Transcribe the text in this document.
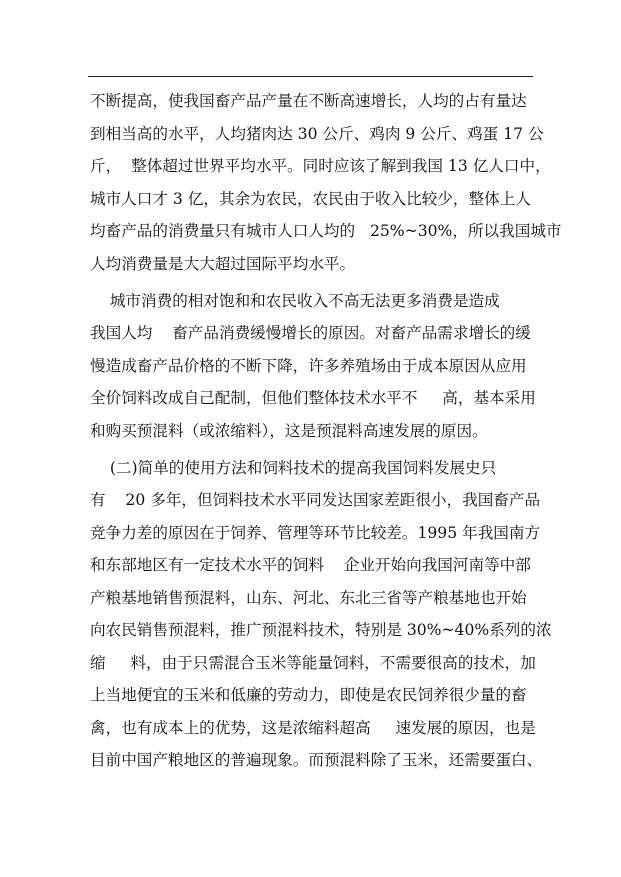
不断提高，使我国畜产品产量在不断高速增长，人均的占有量达
到相当高的水平，人均猪肉达 30 公斤、鸡肉 9 公斤、鸡蛋 17 公
斤，  整体超过世界平均水平。同时应该了解到我国 13 亿人口中，
城市人口才 3 亿，其余为农民，农民由于收入比较少，整体上人
均畜产品的消费量只有城市人口人均的   25%~30%，所以我国城市
人均消费量是大大超过国际平均水平。
城市消费的相对饱和和农民收入不高无法更多消费是造成
我国人均    畜产品消费缓慢增长的原因。对畜产品需求增长的缓
慢造成畜产品价格的不断下降，许多养殖场由于成本原因从应用
全价饲料改成自己配制，但他们整体技术水平不     高，基本采用
和购买预混料（或浓缩料），这是预混料高速发展的原因。
(二)简单的使用方法和饲料技术的提高我国饲料发展史只
有    20 多年，但饲料技术水平同发达国家差距很小，我国畜产品
竞争力差的原因在于饲养、管理等环节比较差。1995 年我国南方
和东部地区有一定技术水平的饲料    企业开始向我国河南等中部
产粮基地销售预混料，山东、河北、东北三省等产粮基地也开始
向农民销售预混料，推广预混料技术，特别是 30%~40%系列的浓
缩     料，由于只需混合玉米等能量饲料，不需要很高的技术，加
上当地便宜的玉米和低廉的劳动力，即使是农民饲养很少量的畜
禽，也有成本上的优势，这是浓缩料超高     速发展的原因，也是
目前中国产粮地区的普遍现象。而预混料除了玉米，还需要蛋白、
